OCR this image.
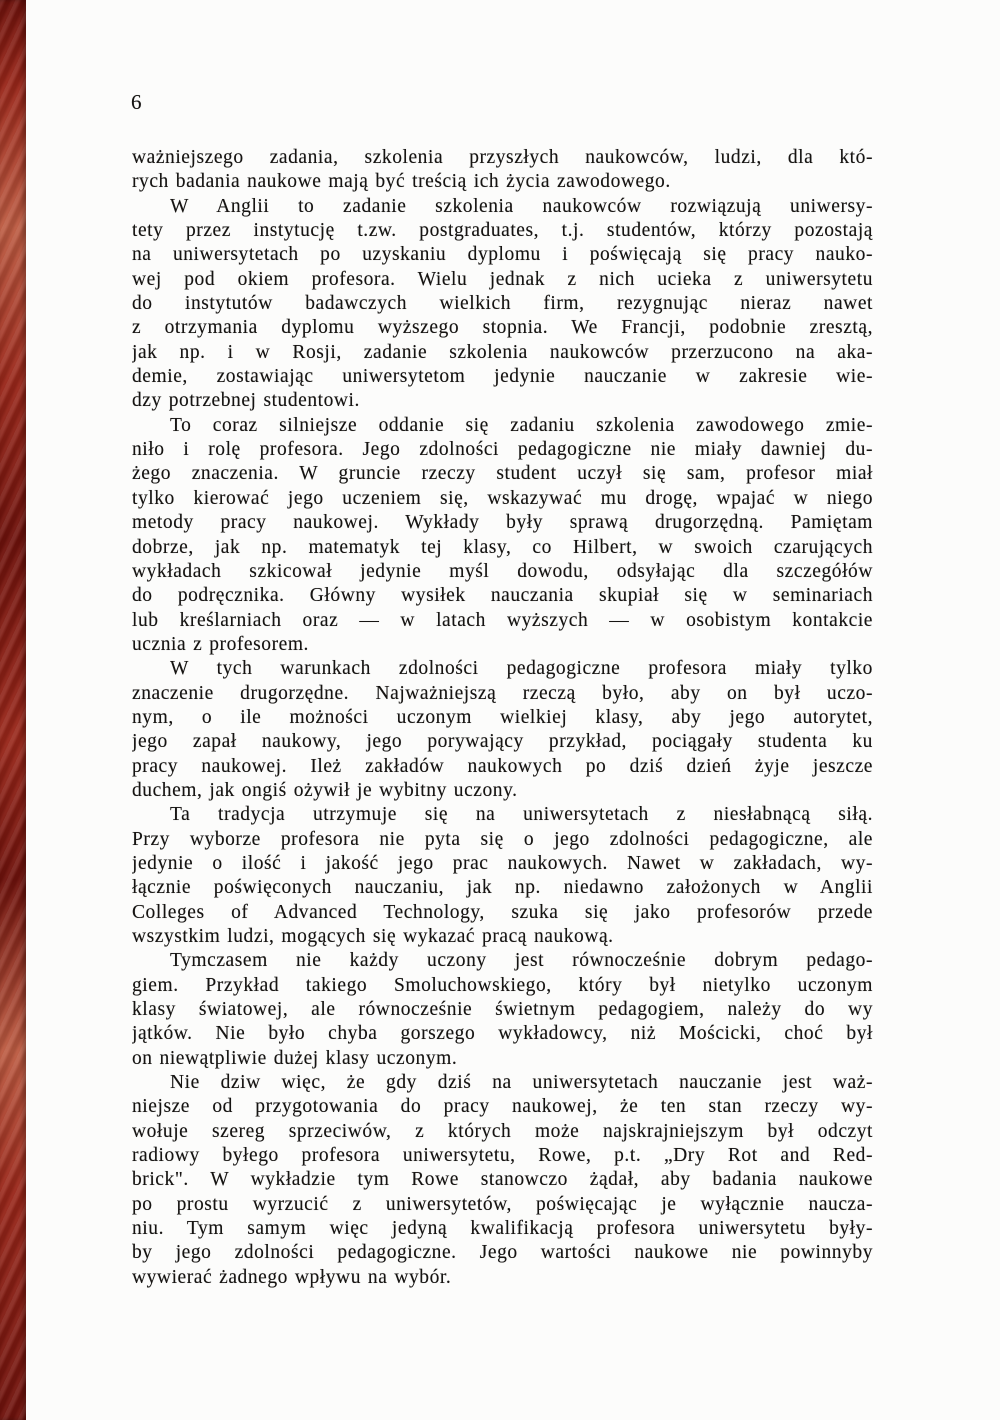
6
ważniejszego zadania, szkolenia przyszłych naukowców, ludzi, dla któ-
rych badania naukowe mają być treścią ich życia zawodowego.
W Anglii to zadanie szkolenia naukowców rozwiązują uniwersy-
tety przez instytucję t.zw. postgraduates, t.j. studentów, którzy pozostają
na uniwersytetach po uzyskaniu dyplomu i poświęcają się pracy nauko-
wej pod okiem profesora. Wielu jednak z nich ucieka z uniwersytetu
do instytutów badawczych wielkich firm, rezygnując nieraz nawet
z otrzymania dyplomu wyższego stopnia. We Francji, podobnie zresztą,
jak np. i w Rosji, zadanie szkolenia naukowców przerzucono na aka-
demie, zostawiając uniwersytetom jedynie nauczanie w zakresie wie-
dzy potrzebnej studentowi.
To coraz silniejsze oddanie się zadaniu szkolenia zawodowego zmie-
niło i rolę profesora. Jego zdolności pedagogiczne nie miały dawniej du-
żego znaczenia. W gruncie rzeczy student uczył się sam, profesor miał
tylko kierować jego uczeniem się, wskazywać mu drogę, wpajać w niego
metody pracy naukowej. Wykłady były sprawą drugorzędną. Pamiętam
dobrze, jak np. matematyk tej klasy, co Hilbert, w swoich czarujących
wykładach szkicował jedynie myśl dowodu, odsyłając dla szczegółów
do podręcznika. Główny wysiłek nauczania skupiał się w seminariach
lub kreślarniach oraz — w latach wyższych — w osobistym kontakcie
ucznia z profesorem.
W tych warunkach zdolności pedagogiczne profesora miały tylko
znaczenie drugorzędne. Najważniejszą rzeczą było, aby on był uczo-
nym, o ile możności uczonym wielkiej klasy, aby jego autorytet,
jego zapał naukowy, jego porywający przykład, pociągały studenta ku
pracy naukowej. Ileż zakładów naukowych po dziś dzień żyje jeszcze
duchem, jak ongiś ożywił je wybitny uczony.
Ta tradycja utrzymuje się na uniwersytetach z niesłabnącą siłą.
Przy wyborze profesora nie pyta się o jego zdolności pedagogiczne, ale
jedynie o ilość i jakość jego prac naukowych. Nawet w zakładach, wy-
łącznie poświęconych nauczaniu, jak np. niedawno założonych w Anglii
Colleges of Advanced Technology, szuka się jako profesorów przede
wszystkim ludzi, mogących się wykazać pracą naukową.
Tymczasem nie każdy uczony jest równocześnie dobrym pedago-
giem. Przykład takiego Smoluchowskiego, który był nietylko uczonym
klasy światowej, ale równocześnie świetnym pedagogiem, należy do wy
jątków. Nie było chyba gorszego wykładowcy, niż Mościcki, choć był
on niewątpliwie dużej klasy uczonym.
Nie dziw więc, że gdy dziś na uniwersytetach nauczanie jest waż-
niejsze od przygotowania do pracy naukowej, że ten stan rzeczy wy-
wołuje szereg sprzeciwów, z których może najskrajniejszym był odczyt
radiowy byłego profesora uniwersytetu, Rowe, p.t. „Dry Rot and Red-
brick". W wykładzie tym Rowe stanowczo żądał, aby badania naukowe
po prostu wyrzucić z uniwersytetów, poświęcając je wyłącznie naucza-
niu. Tym samym więc jedyną kwalifikacją profesora uniwersytetu były-
by jego zdolności pedagogiczne. Jego wartości naukowe nie powinnyby
wywierać żadnego wpływu na wybór.
